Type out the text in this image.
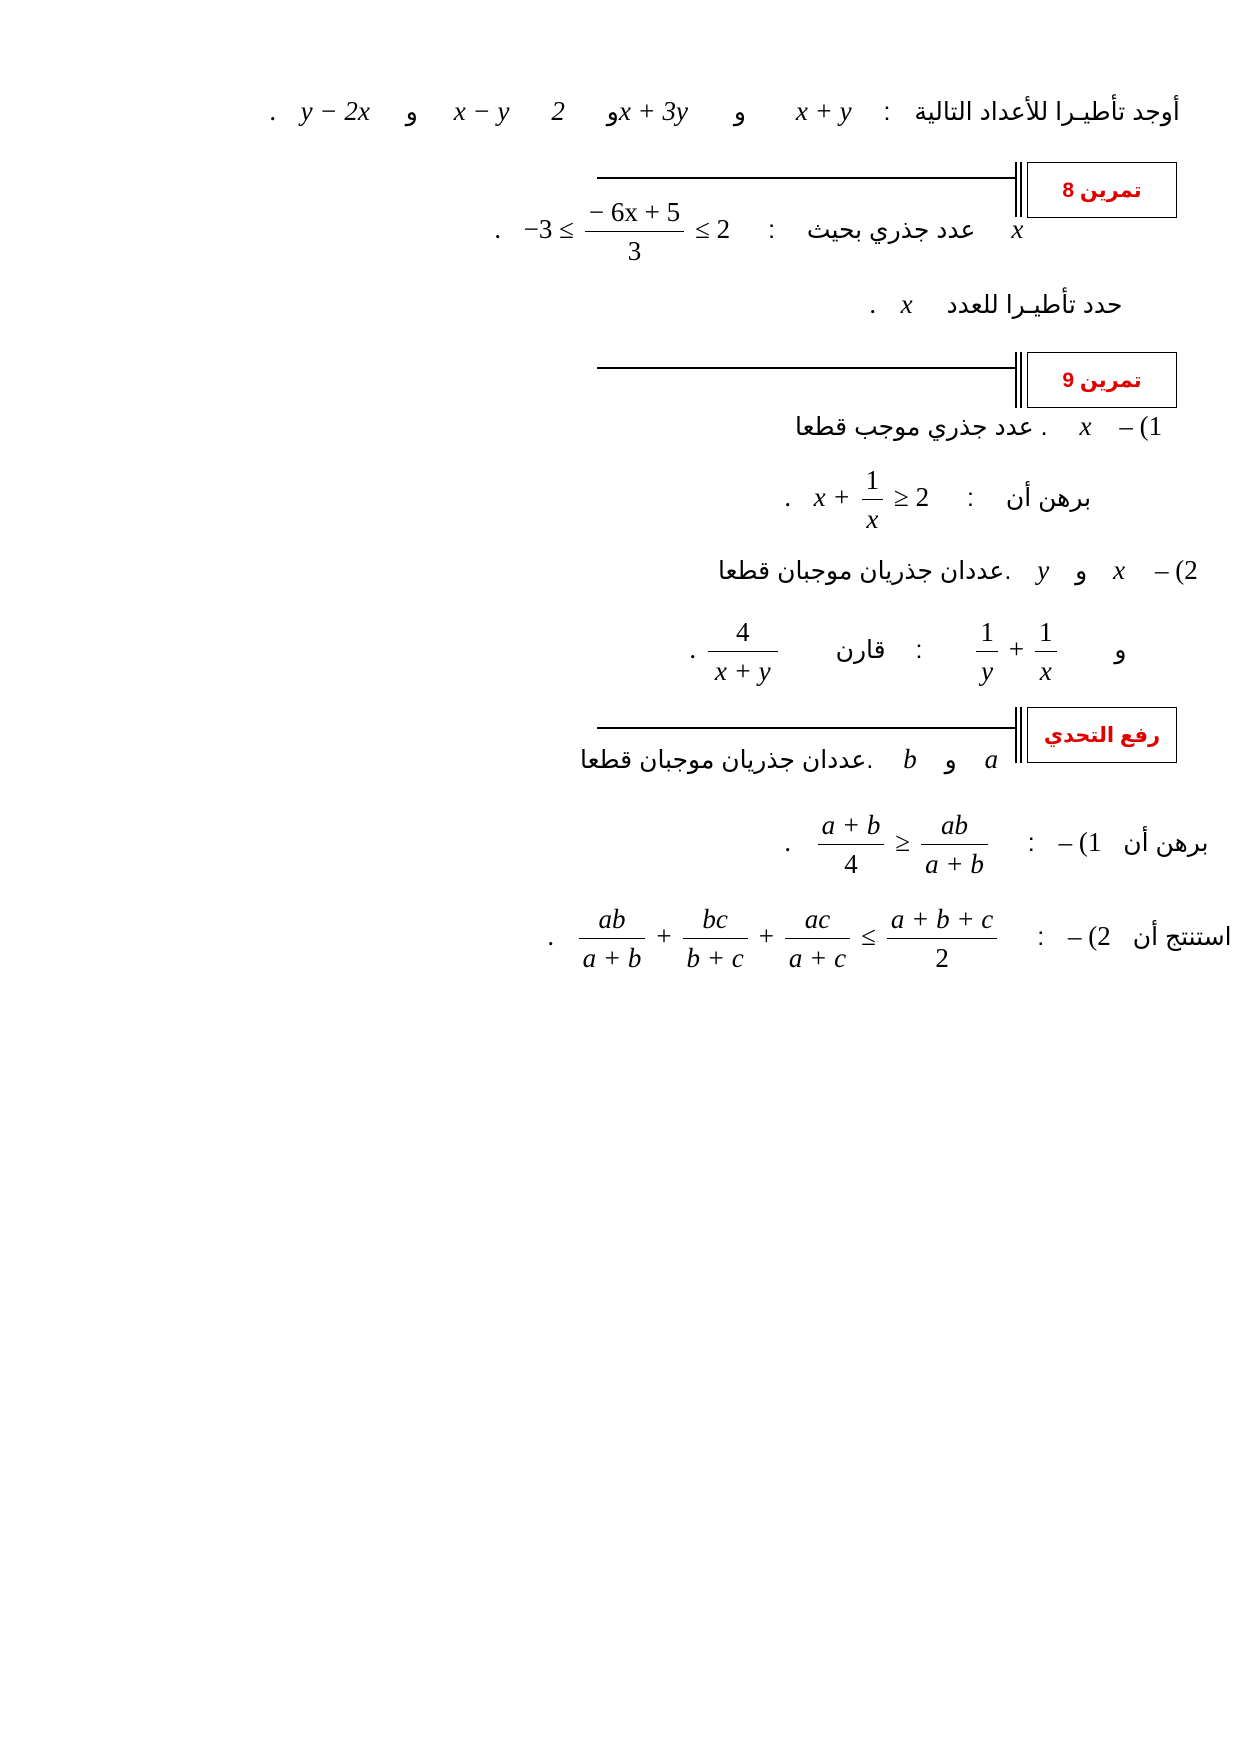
. y − 2x و x − y	و  2x + 3y و x + y : أوجد تأطيـرا للأعداد التالية
تمرين 8
. $-3 \le \frac{- 6x + 5}{3} \le 2$ : عدد جذري بحيث x
. x حدد تأطيـرا للعدد
تمرين 9
عدد جذري موجب قطعا . x 1) –
. $x + \frac{1}{x} \ge 2$ : برهن أن
عددان جذريان موجبان قطعا. y و x 2) –
. $\frac{4}{x + y}$	و
$\frac{1}{x}$
+
$\frac{1}{y}$
:  قارن
رفع التحدي
عددان جذريان موجبان قطعا. b و a
. $\frac{a + b}{4} \ge \frac{ab}{a + b}$ :	برهن أن  1) –
. $\frac{ab}{a + b} + \frac{bc}{b + c} + \frac{ac}{a + c} \le \frac{a + b + c}{2}$ :	استنتج أن  2) –
